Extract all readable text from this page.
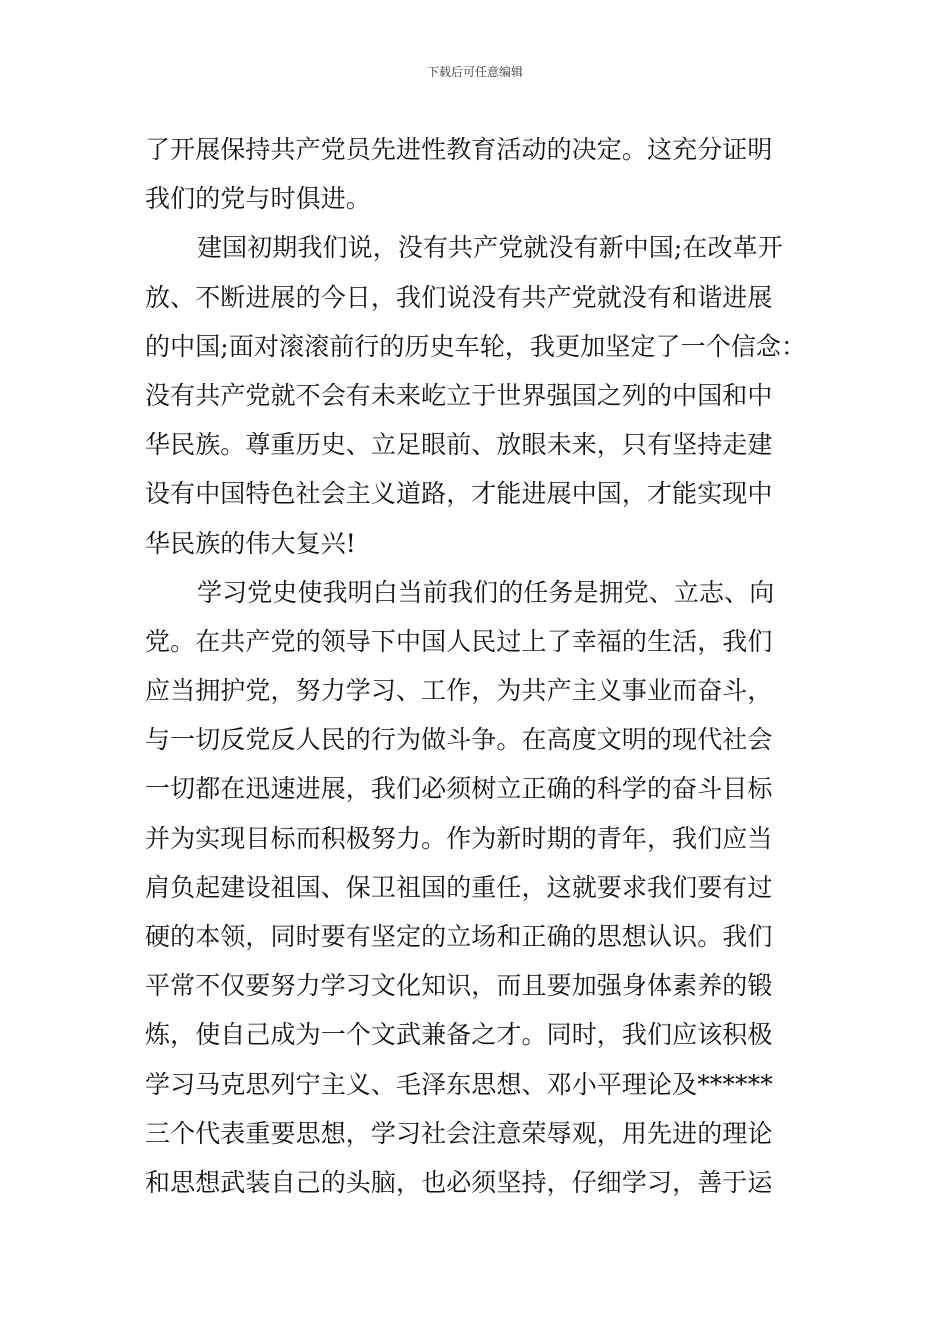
下载后可任意编辑
了开展保持共产党员先进性教育活动的决定。这充分证明
我们的党与时俱进。
建国初期我们说，没有共产党就没有新中国;在改革开
放、不断进展的今日，我们说没有共产党就没有和谐进展
的中国;面对滚滚前行的历史车轮，我更加坚定了一个信念：
没有共产党就不会有未来屹立于世界强国之列的中国和中
华民族。尊重历史、立足眼前、放眼未来，只有坚持走建
设有中国特色社会主义道路，才能进展中国，才能实现中
华民族的伟大复兴!
学习党史使我明白当前我们的任务是拥党、立志、向
党。在共产党的领导下中国人民过上了幸福的生活，我们
应当拥护党，努力学习、工作，为共产主义事业而奋斗，
与一切反党反人民的行为做斗争。在高度文明的现代社会
一切都在迅速进展，我们必须树立正确的科学的奋斗目标
并为实现目标而积极努力。作为新时期的青年，我们应当
肩负起建设祖国、保卫祖国的重任，这就要求我们要有过
硬的本领，同时要有坚定的立场和正确的思想认识。我们
平常不仅要努力学习文化知识，而且要加强身体素养的锻
炼，使自己成为一个文武兼备之才。同时，我们应该积极
学习马克思列宁主义、毛泽东思想、邓小平理论及******
三个代表重要思想，学习社会注意荣辱观，用先进的理论
和思想武装自己的头脑，也必须坚持，仔细学习，善于运
